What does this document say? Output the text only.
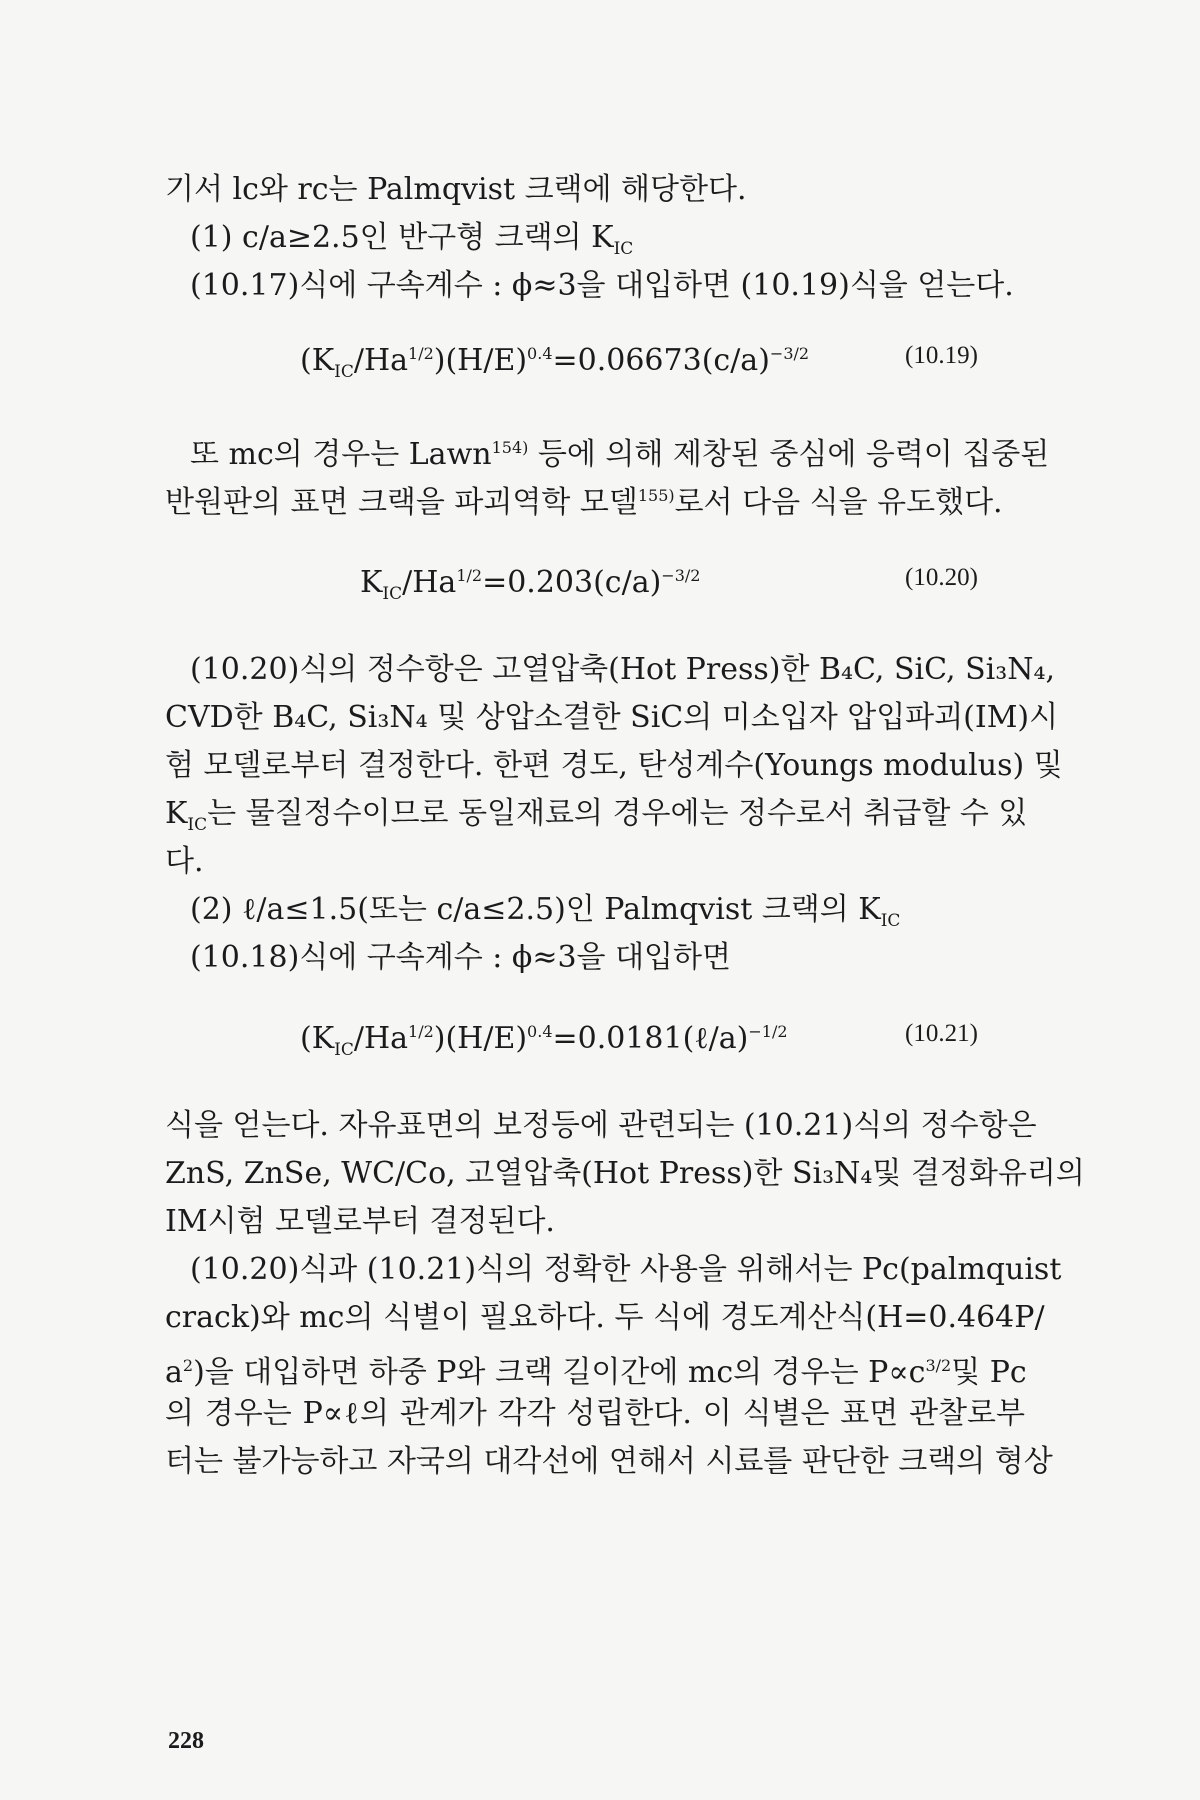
기서 lc와 rc는 Palmqvist 크랙에 해당한다.
(1) c/a≥2.5인 반구형 크랙의 $K_{IC}$
(10.17)식에 구속계수 : ϕ≈3을 대입하면 (10.19)식을 얻는다.
$(K_{IC}/Ha^{1/2})(H/E)^{0.4}=0.06673(c/a)^{-3/2}$	(10.19)
또 mc의 경우는 Lawn$^{154)}$ 등에 의해 제창된 중심에 응력이 집중된
반원판의 표면 크랙을 파괴역학 모델$^{155)}$로서 다음 식을 유도했다.
$K_{IC}/Ha^{1/2}=0.203(c/a)^{-3/2}$	(10.20)
(10.20)식의 정수항은 고열압축(Hot Press)한 B₄C, SiC, Si₃N₄,
CVD한 B₄C, Si₃N₄ 및 상압소결한 SiC의 미소입자 압입파괴(IM)시
험 모델로부터 결정한다. 한편 경도, 탄성계수(Youngs modulus) 및
$K_{IC}$는 물질정수이므로 동일재료의 경우에는 정수로서 취급할 수 있
다.
(2) ℓ/a≤1.5(또는 c/a≤2.5)인 Palmqvist 크랙의 $K_{IC}$
(10.18)식에 구속계수 : ϕ≈3을 대입하면
$(K_{IC}/Ha^{1/2})(H/E)^{0.4}=0.0181(\ell/a)^{-1/2}$	(10.21)
식을 얻는다. 자유표면의 보정등에 관련되는 (10.21)식의 정수항은
ZnS, ZnSe, WC/Co, 고열압축(Hot Press)한 Si₃N₄및 결정화유리의
IM시험 모델로부터 결정된다.
(10.20)식과 (10.21)식의 정확한 사용을 위해서는 Pc(palmquist
crack)와 mc의 식별이 필요하다. 두 식에 경도계산식(H=0.464P/
$a^2$)을 대입하면 하중 P와 크랙 길이간에 mc의 경우는 $P\propto c^{3/2}$및 Pc
의 경우는 P∝ℓ의 관계가 각각 성립한다. 이 식별은 표면 관찰로부
터는 불가능하고 자국의 대각선에 연해서 시료를 판단한 크랙의 형상
228
